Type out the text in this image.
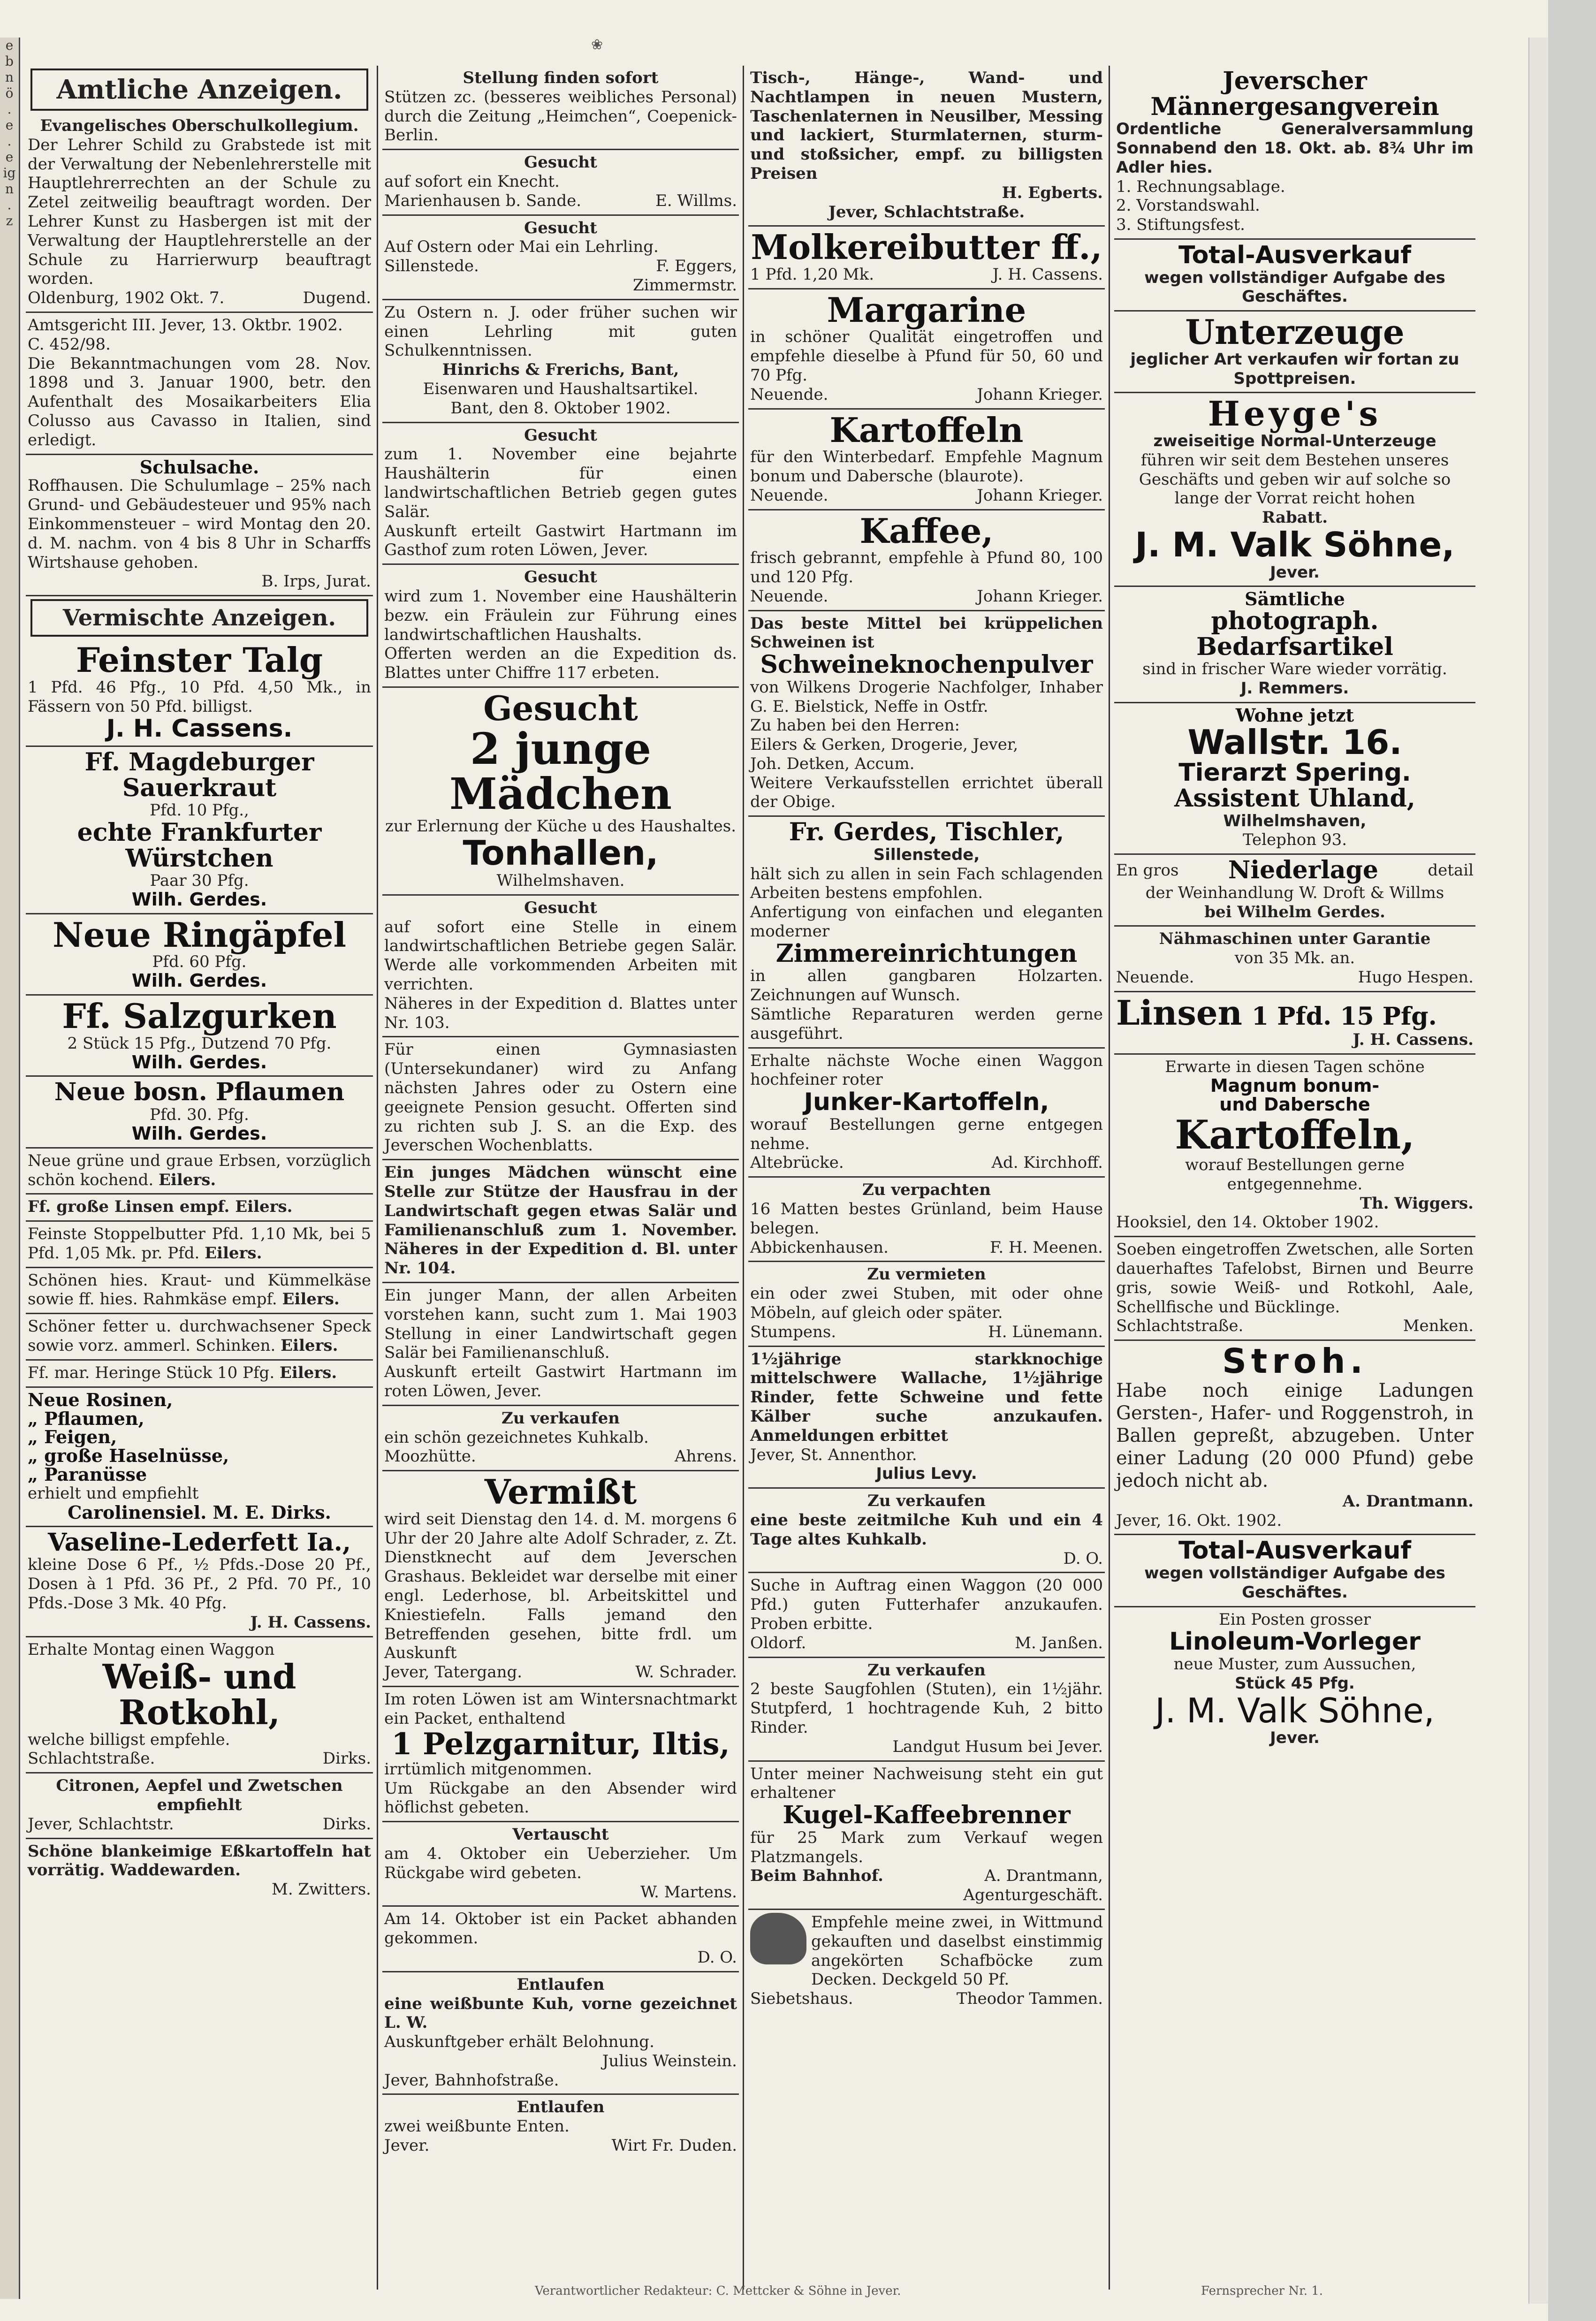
e
b
n
ö
.
e
.
e
ig
n
.
z
❀
Amtliche Anzeigen.
Evangelisches Oberschulkollegium.
Der Lehrer Schild zu Grabstede ist mit der Verwaltung der Nebenlehrerstelle mit Hauptlehrerrechten an der Schule zu Zetel zeitweilig beauftragt worden. Der Lehrer Kunst zu Hasbergen ist mit der Verwaltung der Hauptlehrerstelle an der Schule zu Harrierwurp beauftragt worden.
Oldenburg, 1902 Okt. 7.	Dugend.
Amtsgericht III. Jever, 13. Oktbr. 1902.
C. 452/98.
Die Bekanntmachungen vom 28. Nov. 1898 und 3. Januar 1900, betr. den Aufenthalt des Mosaikarbeiters Elia Colusso aus Cavasso in Italien, sind erledigt.
Schulsache.
Roffhausen. Die Schulumlage – 25% nach Grund- und Gebäudesteuer und 95% nach Einkommensteuer – wird Montag den 20. d. M. nachm. von 4 bis 8 Uhr in Scharffs Wirtshause gehoben.
B. Irps, Jurat.
Vermischte Anzeigen.
Feinster Talg
1 Pfd. 46 Pfg., 10 Pfd. 4,50 Mk., in Fässern von 50 Pfd. billigst.
J. H. Cassens.
Ff. Magdeburger Sauerkraut
Pfd. 10 Pfg.,
echte Frankfurter Würstchen
Paar 30 Pfg.
Wilh. Gerdes.
Neue Ringäpfel
Pfd. 60 Pfg.
Wilh. Gerdes.
Ff. Salzgurken
2 Stück 15 Pfg., Dutzend 70 Pfg.
Wilh. Gerdes.
Neue bosn. Pflaumen
Pfd. 30. Pfg.
Wilh. Gerdes.
Neue grüne und graue Erbsen, vorzüglich schön kochend. Eilers.
Ff. große Linsen empf. Eilers.
Feinste Stoppelbutter Pfd. 1,10 Mk, bei 5 Pfd. 1,05 Mk. pr. Pfd. Eilers.
Schönen hies. Kraut- und Kümmelkäse sowie ff. hies. Rahmkäse empf. Eilers.
Schöner fetter u. durchwachsener Speck sowie vorz. ammerl. Schinken. Eilers.
Ff. mar. Heringe Stück 10 Pfg. Eilers.
Neue Rosinen,
„ Pflaumen,
„ Feigen,
„ große Haselnüsse,
„ Paranüsse
erhielt und empfiehlt
Carolinensiel. M. E. Dirks.
Vaseline-Lederfett Ia.,
kleine Dose 6 Pf., ½ Pfds.-Dose 20 Pf., Dosen à 1 Pfd. 36 Pf., 2 Pfd. 70 Pf., 10 Pfds.-Dose 3 Mk. 40 Pfg.
J. H. Cassens.
Erhalte Montag einen Waggon
Weiß- und Rotkohl,
welche billigst empfehle.
Schlachtstraße.	Dirks.
Citronen, Aepfel und Zwetschen empfiehlt
Jever, Schlachtstr.	Dirks.
Schöne blankeimige Eßkartoffeln hat vorrätig. Waddewarden.
M. Zwitters.
Stellung finden sofort
Stützen zc. (besseres weibliches Personal) durch die Zeitung „Heimchen“, Coepenick-Berlin.
Gesucht
auf sofort ein Knecht.
Marienhausen b. Sande.	E. Willms.
Gesucht
Auf Ostern oder Mai ein Lehrling.
Sillenstede.	F. Eggers,
Zimmermstr.
Zu Ostern n. J. oder früher suchen wir einen Lehrling mit guten Schulkenntnissen.
Hinrichs & Frerichs, Bant,
Eisenwaren und Haushaltsartikel.
Bant, den 8. Oktober 1902.
Gesucht
zum 1. November eine bejahrte Haushälterin für einen landwirtschaftlichen Betrieb gegen gutes Salär.
Auskunft erteilt Gastwirt Hartmann im Gasthof zum roten Löwen, Jever.
Gesucht
wird zum 1. November eine Haushälterin bezw. ein Fräulein zur Führung eines landwirtschaftlichen Haushalts.
Offerten werden an die Expedition ds. Blattes unter Chiffre 117 erbeten.
Gesucht
2 junge Mädchen
zur Erlernung der Küche u des Haushaltes.
Tonhallen,
Wilhelmshaven.
Gesucht
auf sofort eine Stelle in einem landwirtschaftlichen Betriebe gegen Salär. Werde alle vorkommenden Arbeiten mit verrichten.
Näheres in der Expedition d. Blattes unter Nr. 103.
Für einen Gymnasiasten (Untersekundaner) wird zu Anfang nächsten Jahres oder zu Ostern eine geeignete Pension gesucht. Offerten sind zu richten sub J. S. an die Exp. des Jeverschen Wochenblatts.
Ein junges Mädchen wünscht eine Stelle zur Stütze der Hausfrau in der Landwirtschaft gegen etwas Salär und Familienanschluß zum 1. November. Näheres in der Expedition d. Bl. unter Nr. 104.
Ein junger Mann, der allen Arbeiten vorstehen kann, sucht zum 1. Mai 1903 Stellung in einer Landwirtschaft gegen Salär bei Familienanschluß.
Auskunft erteilt Gastwirt Hartmann im roten Löwen, Jever.
Zu verkaufen
ein schön gezeichnetes Kuhkalb.
Moozhütte.	Ahrens.
Vermißt
wird seit Dienstag den 14. d. M. morgens 6 Uhr der 20 Jahre alte Adolf Schrader, z. Zt. Dienstknecht auf dem Jeverschen Grashaus. Bekleidet war derselbe mit einer engl. Lederhose, bl. Arbeitskittel und Kniestiefeln. Falls jemand den Betreffenden gesehen, bitte frdl. um Auskunft
Jever, Tatergang.	W. Schrader.
Im roten Löwen ist am Wintersnachtmarkt ein Packet, enthaltend
1 Pelzgarnitur, Iltis,
irrtümlich mitgenommen.
Um Rückgabe an den Absender wird höflichst gebeten.
Vertauscht
am 4. Oktober ein Ueberzieher. Um Rückgabe wird gebeten.
W. Martens.
Am 14. Oktober ist ein Packet abhanden gekommen.
D. O.
Entlaufen
eine weißbunte Kuh, vorne gezeichnet L. W.
Auskunftgeber erhält Belohnung.
Julius Weinstein.
Jever, Bahnhofstraße.
Entlaufen
zwei weißbunte Enten.
Jever.	Wirt Fr. Duden.
Tisch-, Hänge-, Wand- und Nachtlampen in neuen Mustern, Taschenlaternen in Neusilber, Messing und lackiert, Sturmlaternen, sturm- und stoßsicher, empf. zu billigsten Preisen
H. Egberts.
Jever, Schlachtstraße.
Molkereibutter ff.,
1 Pfd. 1,20 Mk.	J. H. Cassens.
Margarine
in schöner Qualität eingetroffen und empfehle dieselbe à Pfund für 50, 60 und 70 Pfg.
Neuende.	Johann Krieger.
Kartoffeln
für den Winterbedarf. Empfehle Magnum bonum und Daberschе (blaurote).
Neuende.	Johann Krieger.
Kaffee,
frisch gebrannt, empfehle à Pfund 80, 100 und 120 Pfg.
Neuende.	Johann Krieger.
Das beste Mittel bei krüppelichen Schweinen ist
Schweineknochenpulver
von Wilkens Drogerie Nachfolger, Inhaber G. E. Bielstick, Neffe in Ostfr.
Zu haben bei den Herren:
Eilers & Gerken, Drogerie, Jever,
Joh. Detken, Accum.
Weitere Verkaufsstellen errichtet überall der Obige.
Fr. Gerdes, Tischler,
Sillenstede,
hält sich zu allen in sein Fach schlagenden Arbeiten bestens empfohlen.
Anfertigung von einfachen und eleganten moderner
Zimmereinrichtungen
in allen gangbaren Holzarten. Zeichnungen auf Wunsch.
Sämtliche Reparaturen werden gerne ausgeführt.
Erhalte nächste Woche einen Waggon hochfeiner roter
Junker-Kartoffeln,
worauf Bestellungen gerne entgegen nehme.
Altebrücke.	Ad. Kirchhoff.
Zu verpachten
16 Matten bestes Grünland, beim Hause belegen.
Abbickenhausen.	F. H. Meenen.
Zu vermieten
ein oder zwei Stuben, mit oder ohne Möbeln, auf gleich oder später.
Stumpens.	H. Lünemann.
1½jährige starkknochige mittelschwere Wallache, 1½jährige Rinder, fette Schweine und fette Kälber suche anzukaufen. Anmeldungen erbittet
Jever, St. Annenthor.
Julius Levy.
Zu verkaufen
eine beste zeitmilche Kuh und ein 4 Tage altes Kuhkalb.
D. O.
Suche in Auftrag einen Waggon (20 000 Pfd.) guten Futterhafer anzukaufen. Proben erbitte.
Oldorf.	M. Janßen.
Zu verkaufen
2 beste Saugfohlen (Stuten), ein 1½jähr. Stutpferd, 1 hochtragende Kuh, 2 bitto Rinder.
Landgut Husum bei Jever.
Unter meiner Nachweisung steht ein gut erhaltener
Kugel-Kaffeebrenner
für 25 Mark zum Verkauf wegen Platzmangels.
Beim Bahnhof.	A. Drantmann,
Agenturgeschäft.
Empfehle meine zwei, in Wittmund gekauften und daselbst einstimmig angekörten Schafböcke zum Decken. Deckgeld 50 Pf.
Siebetshaus.	Theodor Tammen.
Jeverscher
Männergesangverein
Ordentliche Generalversammlung Sonnabend den 18. Okt. ab. 8¾ Uhr im Adler hies.
1. Rechnungsablage.
2. Vorstandswahl.
3. Stiftungsfest.
Total-Ausverkauf
wegen vollständiger Aufgabe des Geschäftes.
Unterzeuge
jeglicher Art verkaufen wir fortan zu Spottpreisen.
Heyge's
zweiseitige Normal-Unterzeuge
führen wir seit dem Bestehen unseres Geschäfts und geben wir auf solche so lange der Vorrat reicht hohen
Rabatt.
J. M. Valk Söhne,
Jever.
Sämtliche
photograph. Bedarfsartikel
sind in frischer Ware wieder vorrätig.
J. Remmers.
Wohne jetzt
Wallstr. 16.
Tierarzt Spering.
Assistent Uhland,
Wilhelmshaven,
Telephon 93.
En gros Niederlage	detail
der Weinhandlung W. Droft & Willms
bei Wilhelm Gerdes.
Nähmaschinen unter Garantie
von 35 Mk. an.
Neuende.	Hugo Hespen.
Linsen 1 Pfd. 15 Pfg.
J. H. Cassens.
Erwarte in diesen Tagen schöne
Magnum bonum-
und Dabersche
Kartoffeln,
worauf Bestellungen gerne entgegennehme.
Th. Wiggers.
Hooksiel, den 14. Oktober 1902.
Soeben eingetroffen Zwetschen, alle Sorten dauerhaftes Tafelobst, Birnen und Beurre gris, sowie Weiß- und Rotkohl, Aale, Schellfische und Bücklinge.
Schlachtstraße.	Menken.
Stroh.
Habe noch einige Ladungen Gersten-, Hafer- und Roggenstroh, in Ballen gepreßt, abzugeben. Unter einer Ladung (20 000 Pfund) gebe jedoch nicht ab.
A. Drantmann.
Jever, 16. Okt. 1902.
Total-Ausverkauf
wegen vollständiger Aufgabe des Geschäftes.
Ein Posten grosser
Linoleum-Vorleger
neue Muster, zum Aussuchen,
Stück 45 Pfg.
J. M. Valk Söhne,
Jever.
Verantwortlicher Redakteur: C. Mettcker & Söhne in Jever.	Fernsprecher Nr. 1.
